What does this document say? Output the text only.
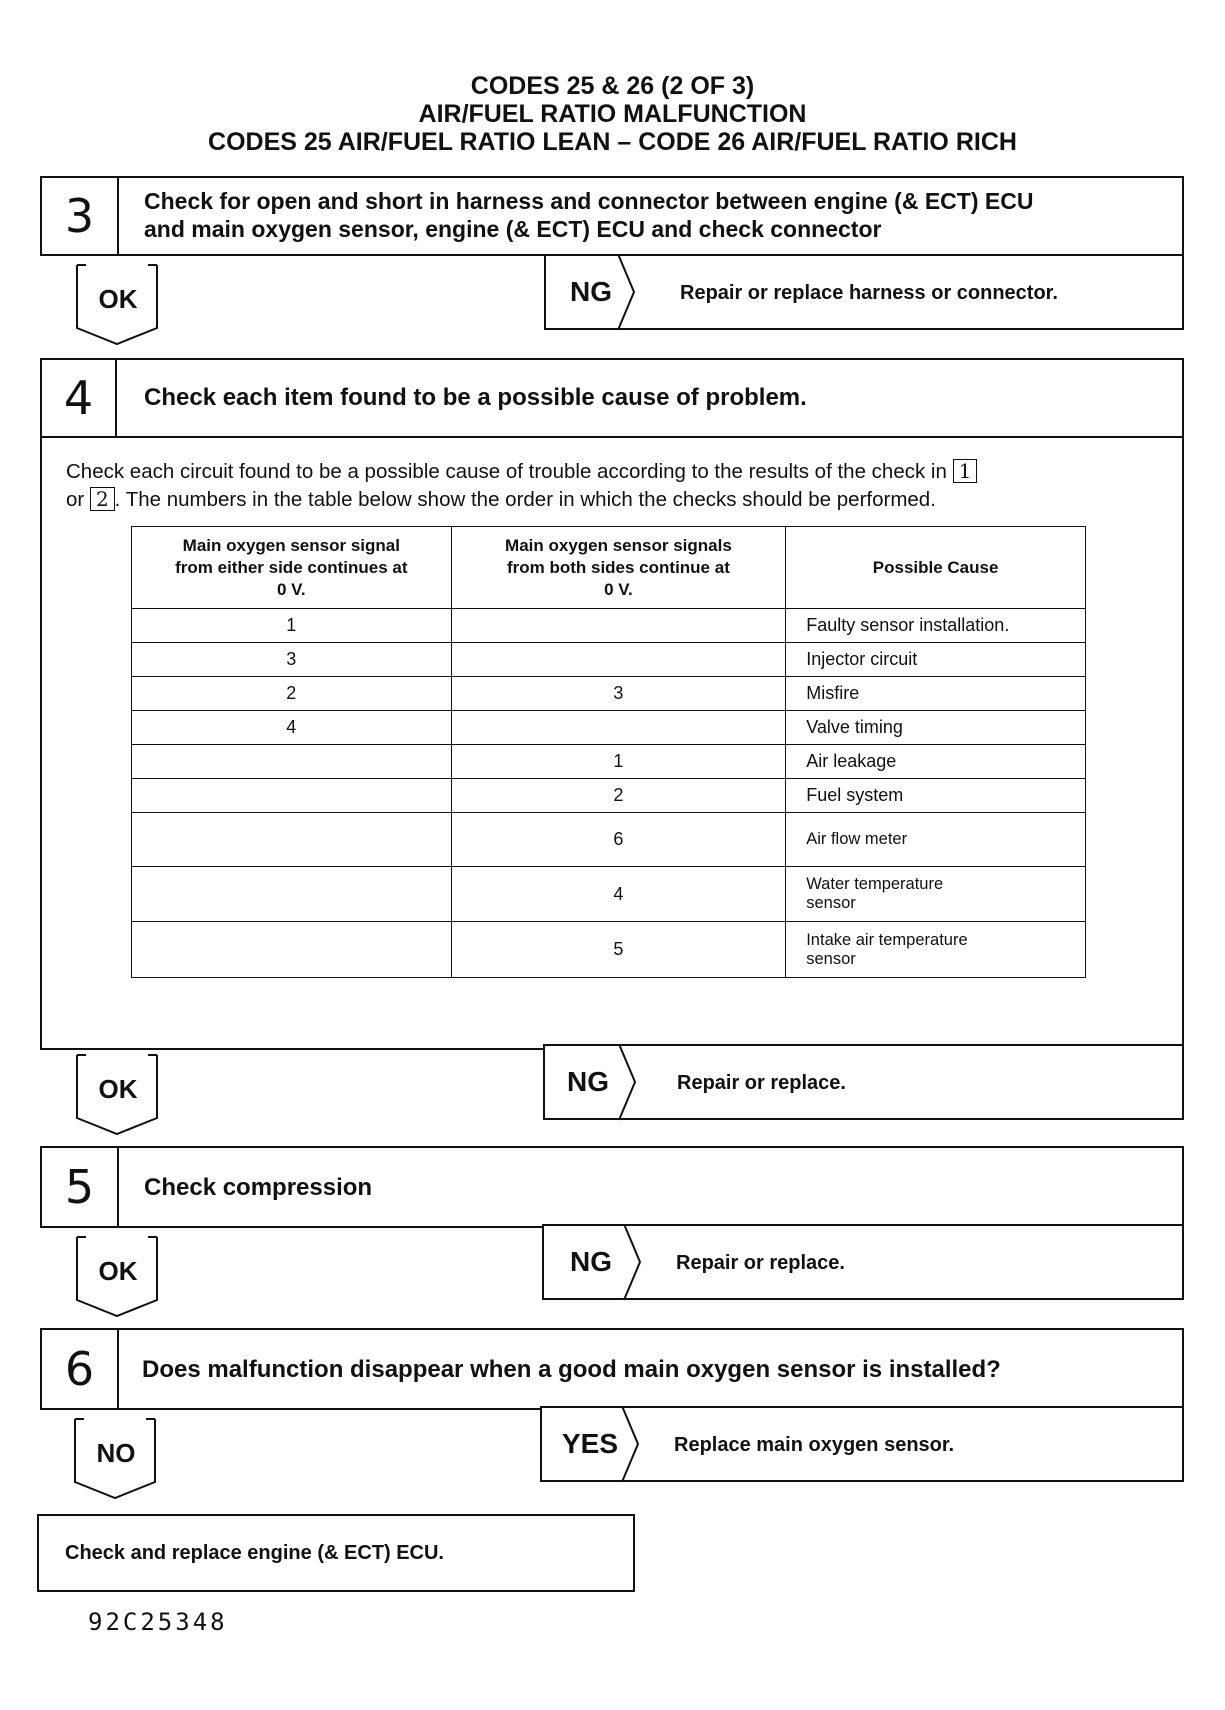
CODES 25 & 26 (2 OF 3)
AIR/FUEL RATIO MALFUNCTION
CODES 25 AIR/FUEL RATIO LEAN – CODE 26 AIR/FUEL RATIO RICH
3	Check for open and short in harness and connector between engine (& ECT) ECU
and main oxygen sensor, engine (& ECT) ECU and check connector
OK	NG	Repair or replace harness or connector.
4	Check each item found to be a possible cause of problem.
Check each circuit found to be a possible cause of trouble according to the results of the check in 1
or 2 . The numbers in the table below show the order in which the checks should be performed.
Main oxygen sensor signal from either side continues at 0 V.	Main oxygen sensor signals from both sides continue at 0 V.	Possible Cause
1		Faulty sensor installation.
3		Injector circuit
2	3	Misfire
4		Valve timing
	1	Air leakage
	2	Fuel system
	6	Air flow meter
	4	Water temperature sensor
	5	Intake air temperature sensor
OK	NG	Repair or replace.
5	Check compression
OK	NG	Repair or replace.
6	Does malfunction disappear when a good main oxygen sensor is installed?
NO	YES	Replace main oxygen sensor.
Check and replace engine (& ECT) ECU.
92C25348
